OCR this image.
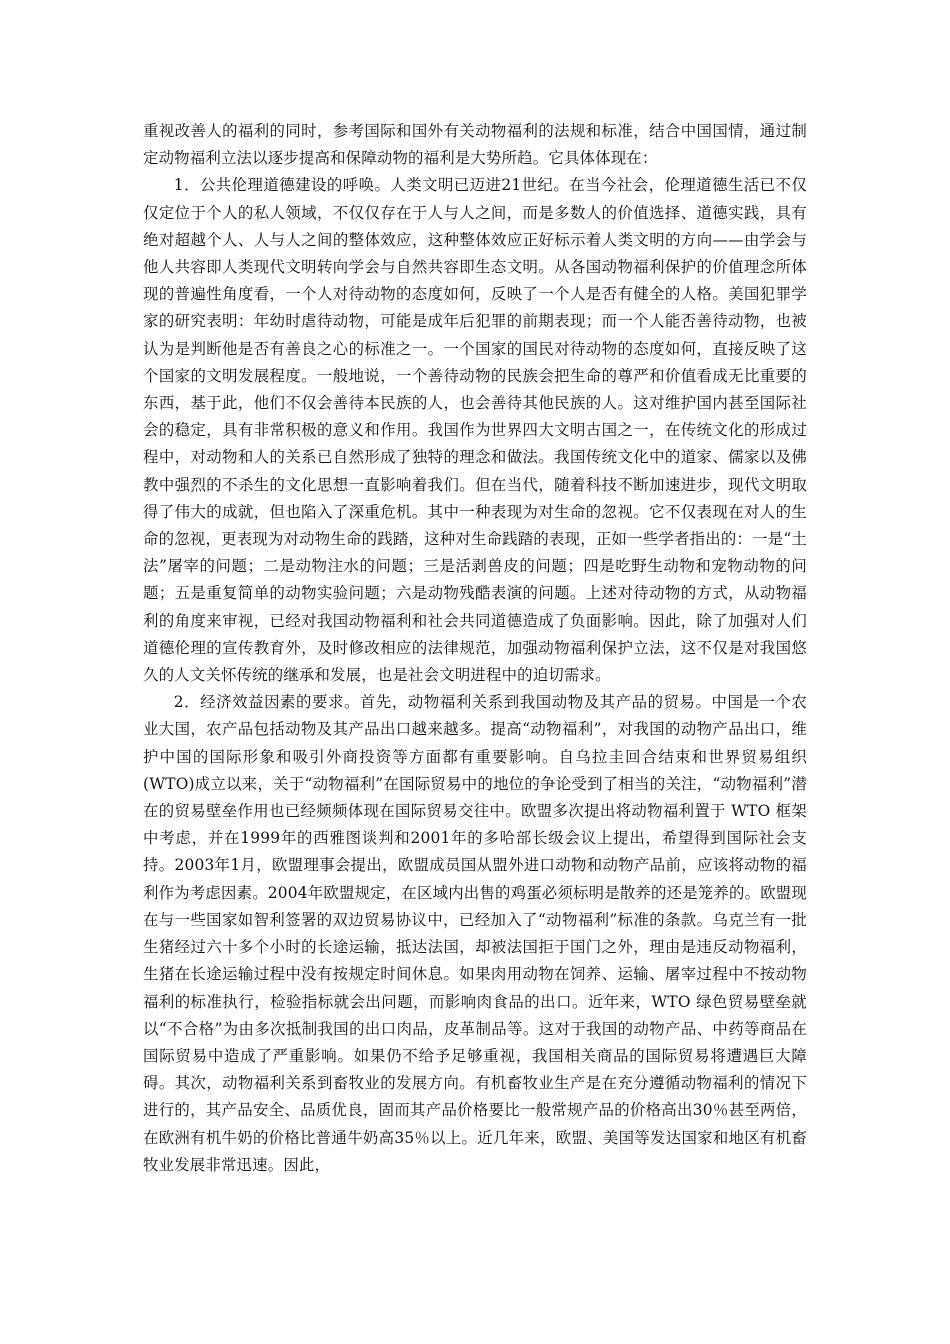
重视改善人的福利的同时，参考国际和国外有关动物福利的法规和标准，结合中国国情，通过制定动物福利立法以逐步提高和保障动物的福利是大势所趋。它具体体现在：

1．公共伦理道德建设的呼唤。人类文明已迈进21世纪。在当今社会，伦理道德生活已不仅仅定位于个人的私人领域，不仅仅存在于人与人之间，而是多数人的价值选择、道德实践，具有绝对超越个人、人与人之间的整体效应，这种整体效应正好标示着人类文明的方向——由学会与他人共容即人类现代文明转向学会与自然共容即生态文明。从各国动物福利保护的价值理念所体现的普遍性角度看，一个人对待动物的态度如何，反映了一个人是否有健全的人格。美国犯罪学家的研究表明：年幼时虐待动物，可能是成年后犯罪的前期表现；而一个人能否善待动物，也被认为是判断他是否有善良之心的标准之一。一个国家的国民对待动物的态度如何，直接反映了这个国家的文明发展程度。一般地说，一个善待动物的民族会把生命的尊严和价值看成无比重要的东西，基于此，他们不仅会善待本民族的人，也会善待其他民族的人。这对维护国内甚至国际社会的稳定，具有非常积极的意义和作用。我国作为世界四大文明古国之一，在传统文化的形成过程中，对动物和人的关系已自然形成了独特的理念和做法。我国传统文化中的道家、儒家以及佛教中强烈的不杀生的文化思想一直影响着我们。但在当代，随着科技不断加速进步，现代文明取得了伟大的成就，但也陷入了深重危机。其中一种表现为对生命的忽视。它不仅表现在对人的生命的忽视，更表现为对动物生命的践踏，这种对生命践踏的表现，正如一些学者指出的：一是“土法”屠宰的问题；二是动物注水的问题；三是活剥兽皮的问题；四是吃野生动物和宠物动物的问题；五是重复简单的动物实验问题；六是动物残酷表演的问题。上述对待动物的方式，从动物福利的角度来审视，已经对我国动物福利和社会共同道德造成了负面影响。因此，除了加强对人们道德伦理的宣传教育外，及时修改相应的法律规范，加强动物福利保护立法，这不仅是对我国悠久的人文关怀传统的继承和发展，也是社会文明进程中的迫切需求。

2．经济效益因素的要求。首先，动物福利关系到我国动物及其产品的贸易。中国是一个农业大国，农产品包括动物及其产品出口越来越多。提高“动物福利”，对我国的动物产品出口，维护中国的国际形象和吸引外商投资等方面都有重要影响。自乌拉圭回合结束和世界贸易组织(WTO)成立以来，关于“动物福利”在国际贸易中的地位的争论受到了相当的关注，“动物福利”潜在的贸易壁垒作用也已经频频体现在国际贸易交往中。欧盟多次提出将动物福利置于 WTO 框架中考虑，并在1999年的西雅图谈判和2001年的多哈部长级会议上提出，希望得到国际社会支持。2003年1月，欧盟理事会提出，欧盟成员国从盟外进口动物和动物产品前，应该将动物的福利作为考虑因素。2004年欧盟规定，在区域内出售的鸡蛋必须标明是散养的还是笼养的。欧盟现在与一些国家如智利签署的双边贸易协议中，已经加入了“动物福利”标准的条款。乌克兰有一批生猪经过六十多个小时的长途运输，抵达法国，却被法国拒于国门之外，理由是违反动物福利，生猪在长途运输过程中没有按规定时间休息。如果肉用动物在饲养、运输、屠宰过程中不按动物福利的标准执行，检验指标就会出问题，而影响肉食品的出口。近年来，WTO 绿色贸易壁垒就以“不合格”为由多次抵制我国的出口肉品，皮革制品等。这对于我国的动物产品、中药等商品在国际贸易中造成了严重影响。如果仍不给予足够重视，我国相关商品的国际贸易将遭遇巨大障碍。其次，动物福利关系到畜牧业的发展方向。有机畜牧业生产是在充分遵循动物福利的情况下进行的，其产品安全、品质优良，固而其产品价格要比一般常规产品的价格高出30％甚至两倍，在欧洲有机牛奶的价格比普通牛奶高35％以上。近几年来，欧盟、美国等发达国家和地区有机畜牧业发展非常迅速。因此，
